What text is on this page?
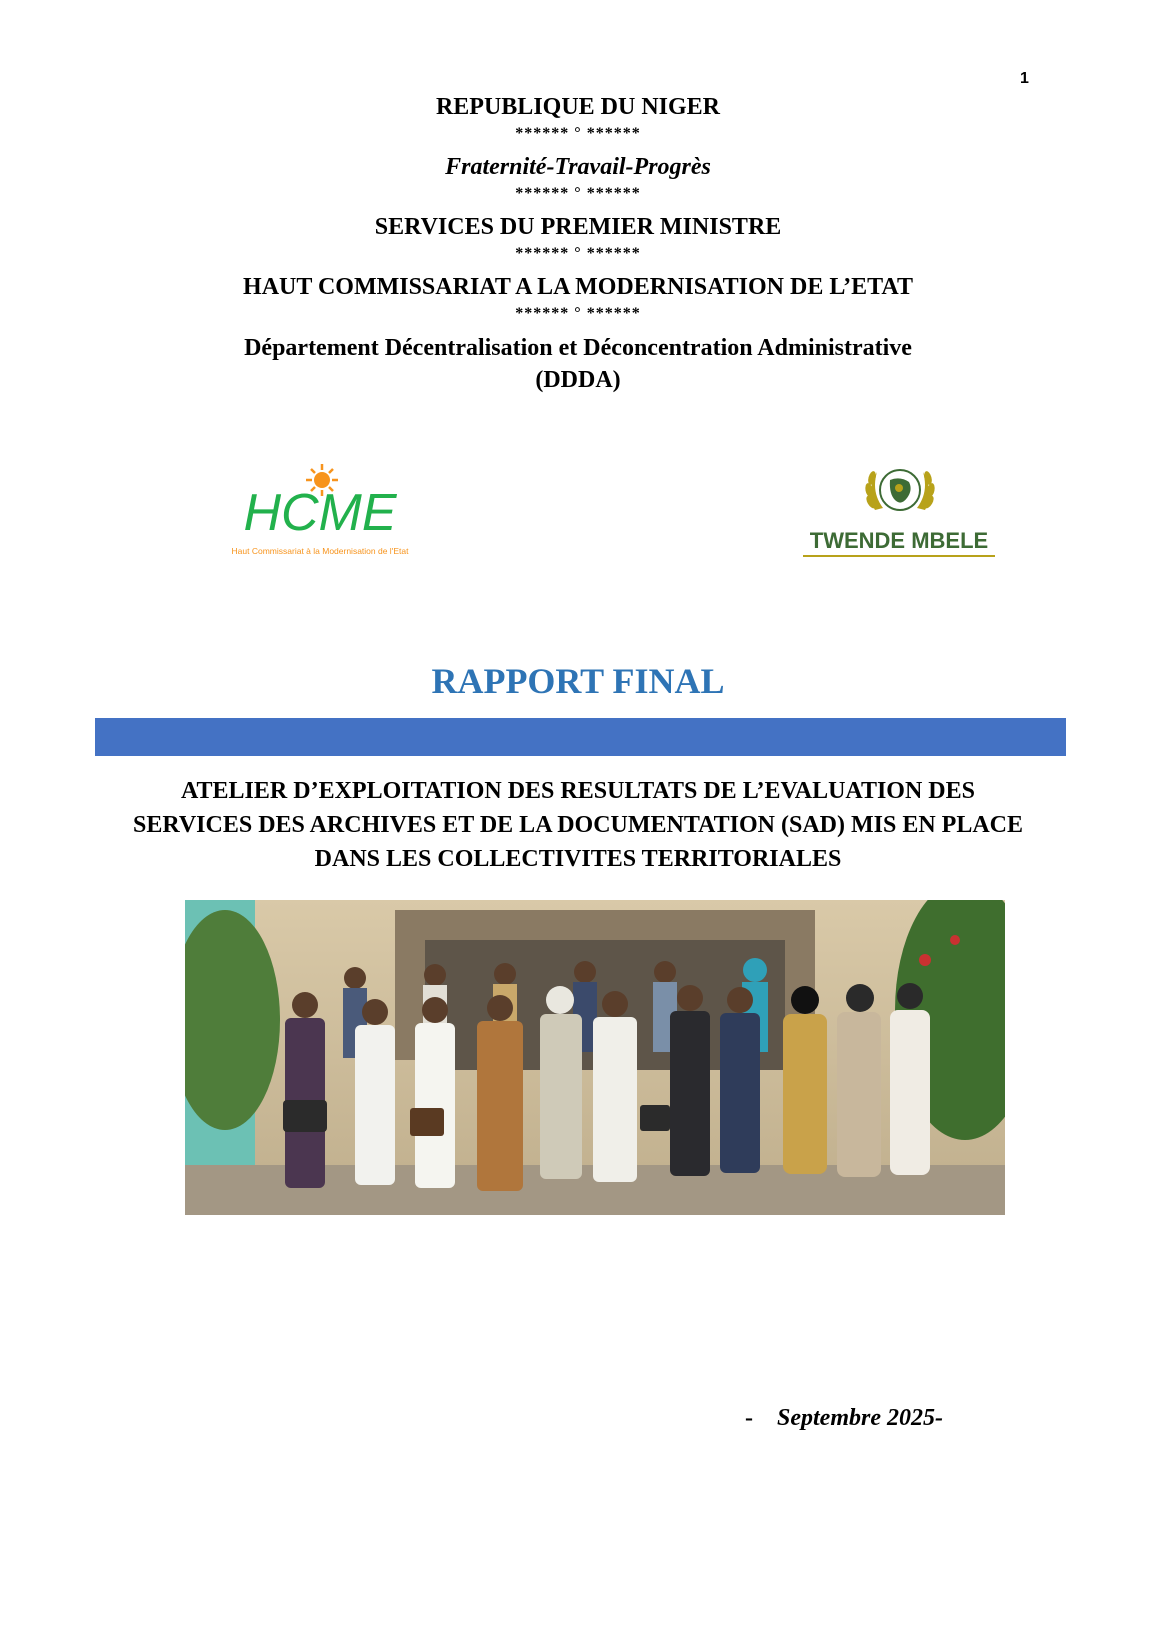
1

REPUBLIQUE DU NIGER

****** ° ******

Fraternité-Travail-Progrès

****** ° ******

SERVICES DU PREMIER MINISTRE

****** ° ******

HAUT COMMISSARIAT A LA MODERNISATION DE L’ETAT

****** ° ******

Département Décentralisation et Déconcentration Administrative

(DDDA)

HCME
Haut Commissariat à la Modernisation de l'Etat	TWENDE MBELE
RAPPORT FINAL
ATELIER D’EXPLOITATION DES RESULTATS DE L’EVALUATION DES
SERVICES DES ARCHIVES ET DE LA DOCUMENTATION (SAD) MIS EN PLACE
DANS LES COLLECTIVITES TERRITORIALES
- Septembre 2025-
